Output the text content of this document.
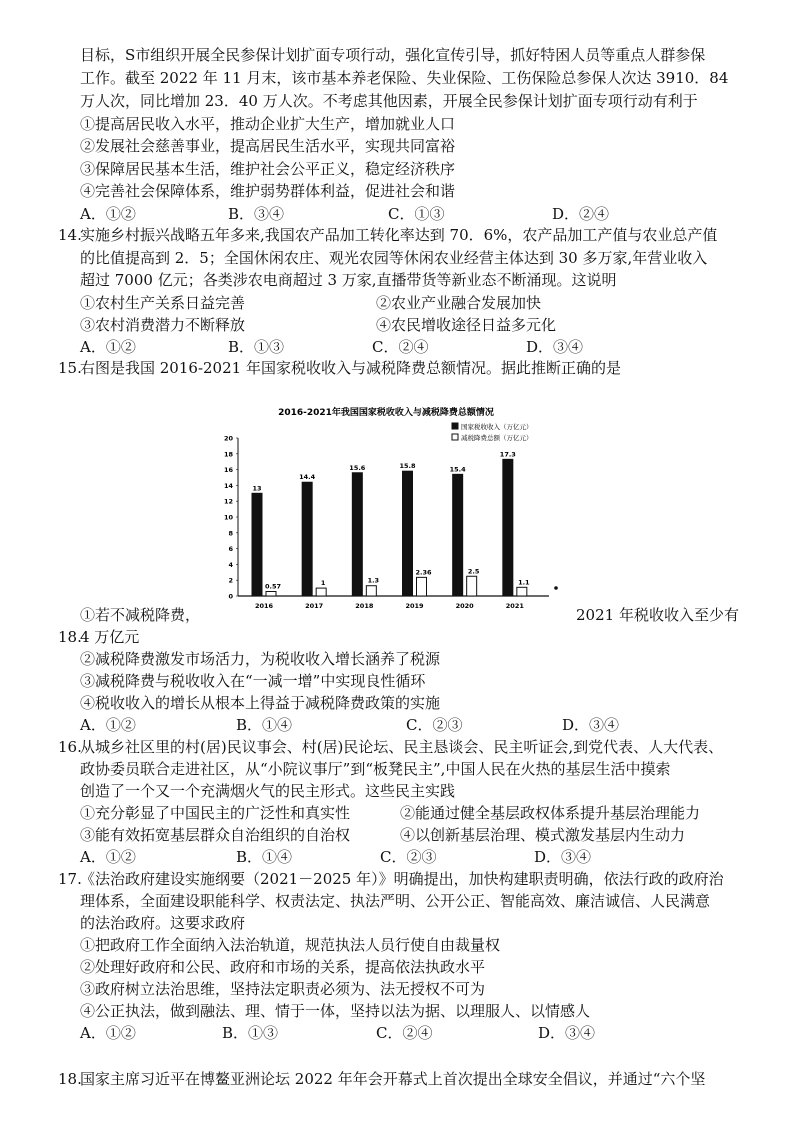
目标，S市组织开展全民参保计划扩面专项行动，强化宣传引导，抓好特困人员等重点人群参保
工作。截至 2022 年 11 月末，该市基本养老保险、失业保险、工伤保险总参保人次达 3910．84
万人次，同比增加 23．40 万人次。不考虑其他因素，开展全民参保计划扩面专项行动有利于
①提高居民收入水平，推动企业扩大生产，增加就业人口
②发展社会慈善事业，提高居民生活水平，实现共同富裕
③保障居民基本生活，维护社会公平正义，稳定经济秩序
④完善社会保障体系，维护弱势群体利益，促进社会和谐
A．①②	B．③④	C．①③	D．②④
14.
实施乡村振兴战略五年多来,我国农产品加工转化率达到 70．6%，农产品加工产值与农业总产值
的比值提高到 2．5；全国休闲农庄、观光农园等休闲农业经营主体达到 30 多万家,年营业收入
超过 7000 亿元；各类涉农电商超过 3 万家,直播带货等新业态不断涌现。这说明
①农村生产关系日益完善	②农业产业融合发展加快
③农村消费潜力不断释放	④农民增收途径日益多元化
A．①②	B．①③	C．②④	D．③④
15.
右图是我国 2016-2021 年国家税收收入与减税降费总额情况。据此推断正确的是
2016-2021年我国国家税收收入与减税降费总额情况
国家税收收入（万亿元）
减税降费总额（万亿元）
0
2
4
6
8
10
12
14
16
18
20
13
0.57
14.4
1
15.6
1.3
15.8
2.36
15.4
2.5
17.3
1.1
2016	2017	2018	2019	2020	2021
①若不减税降费，	2021 年税收收入至少有
18.
4 万亿元
②减税降费激发市场活力，为税收收入增长涵养了税源
③减税降费与税收收入在“一减一增”中实现良性循环
④税收收入的增长从根本上得益于减税降费政策的实施
A．①②	B．①④	C．②③	D．③④
16.
从城乡社区里的村(居)民议事会、村(居)民论坛、民主恳谈会、民主听证会,到党代表、人大代表、
政协委员联合走进社区，从“小院议事厅”到“板凳民主”,中国人民在火热的基层生活中摸索
创造了一个又一个充满烟火气的民主形式。这些民主实践
①充分彰显了中国民主的广泛性和真实性	②能通过健全基层政权体系提升基层治理能力
③能有效拓宽基层群众自治组织的自治权	④以创新基层治理、模式激发基层内生动力
A．①②	B．①④	C．②③	D．③④
17.
《法治政府建设实施纲要（2021－2025 年）》明确提出，加快构建职责明确，依法行政的政府治
理体系，全面建设职能科学、权责法定、执法严明、公开公正、智能高效、廉洁诚信、人民满意
的法治政府。这要求政府
①把政府工作全面纳入法治轨道，规范执法人员行使自由裁量权
②处理好政府和公民、政府和市场的关系，提高依法执政水平
③政府树立法治思维，坚持法定职责必须为、法无授权不可为
④公正执法，做到融法、理、情于一体，坚持以法为据、以理服人、以情感人
A．①②	B．①③	C．②④	D．③④
18.
国家主席习近平在博鳌亚洲论坛 2022 年年会开幕式上首次提出全球安全倡议，并通过“六个坚
